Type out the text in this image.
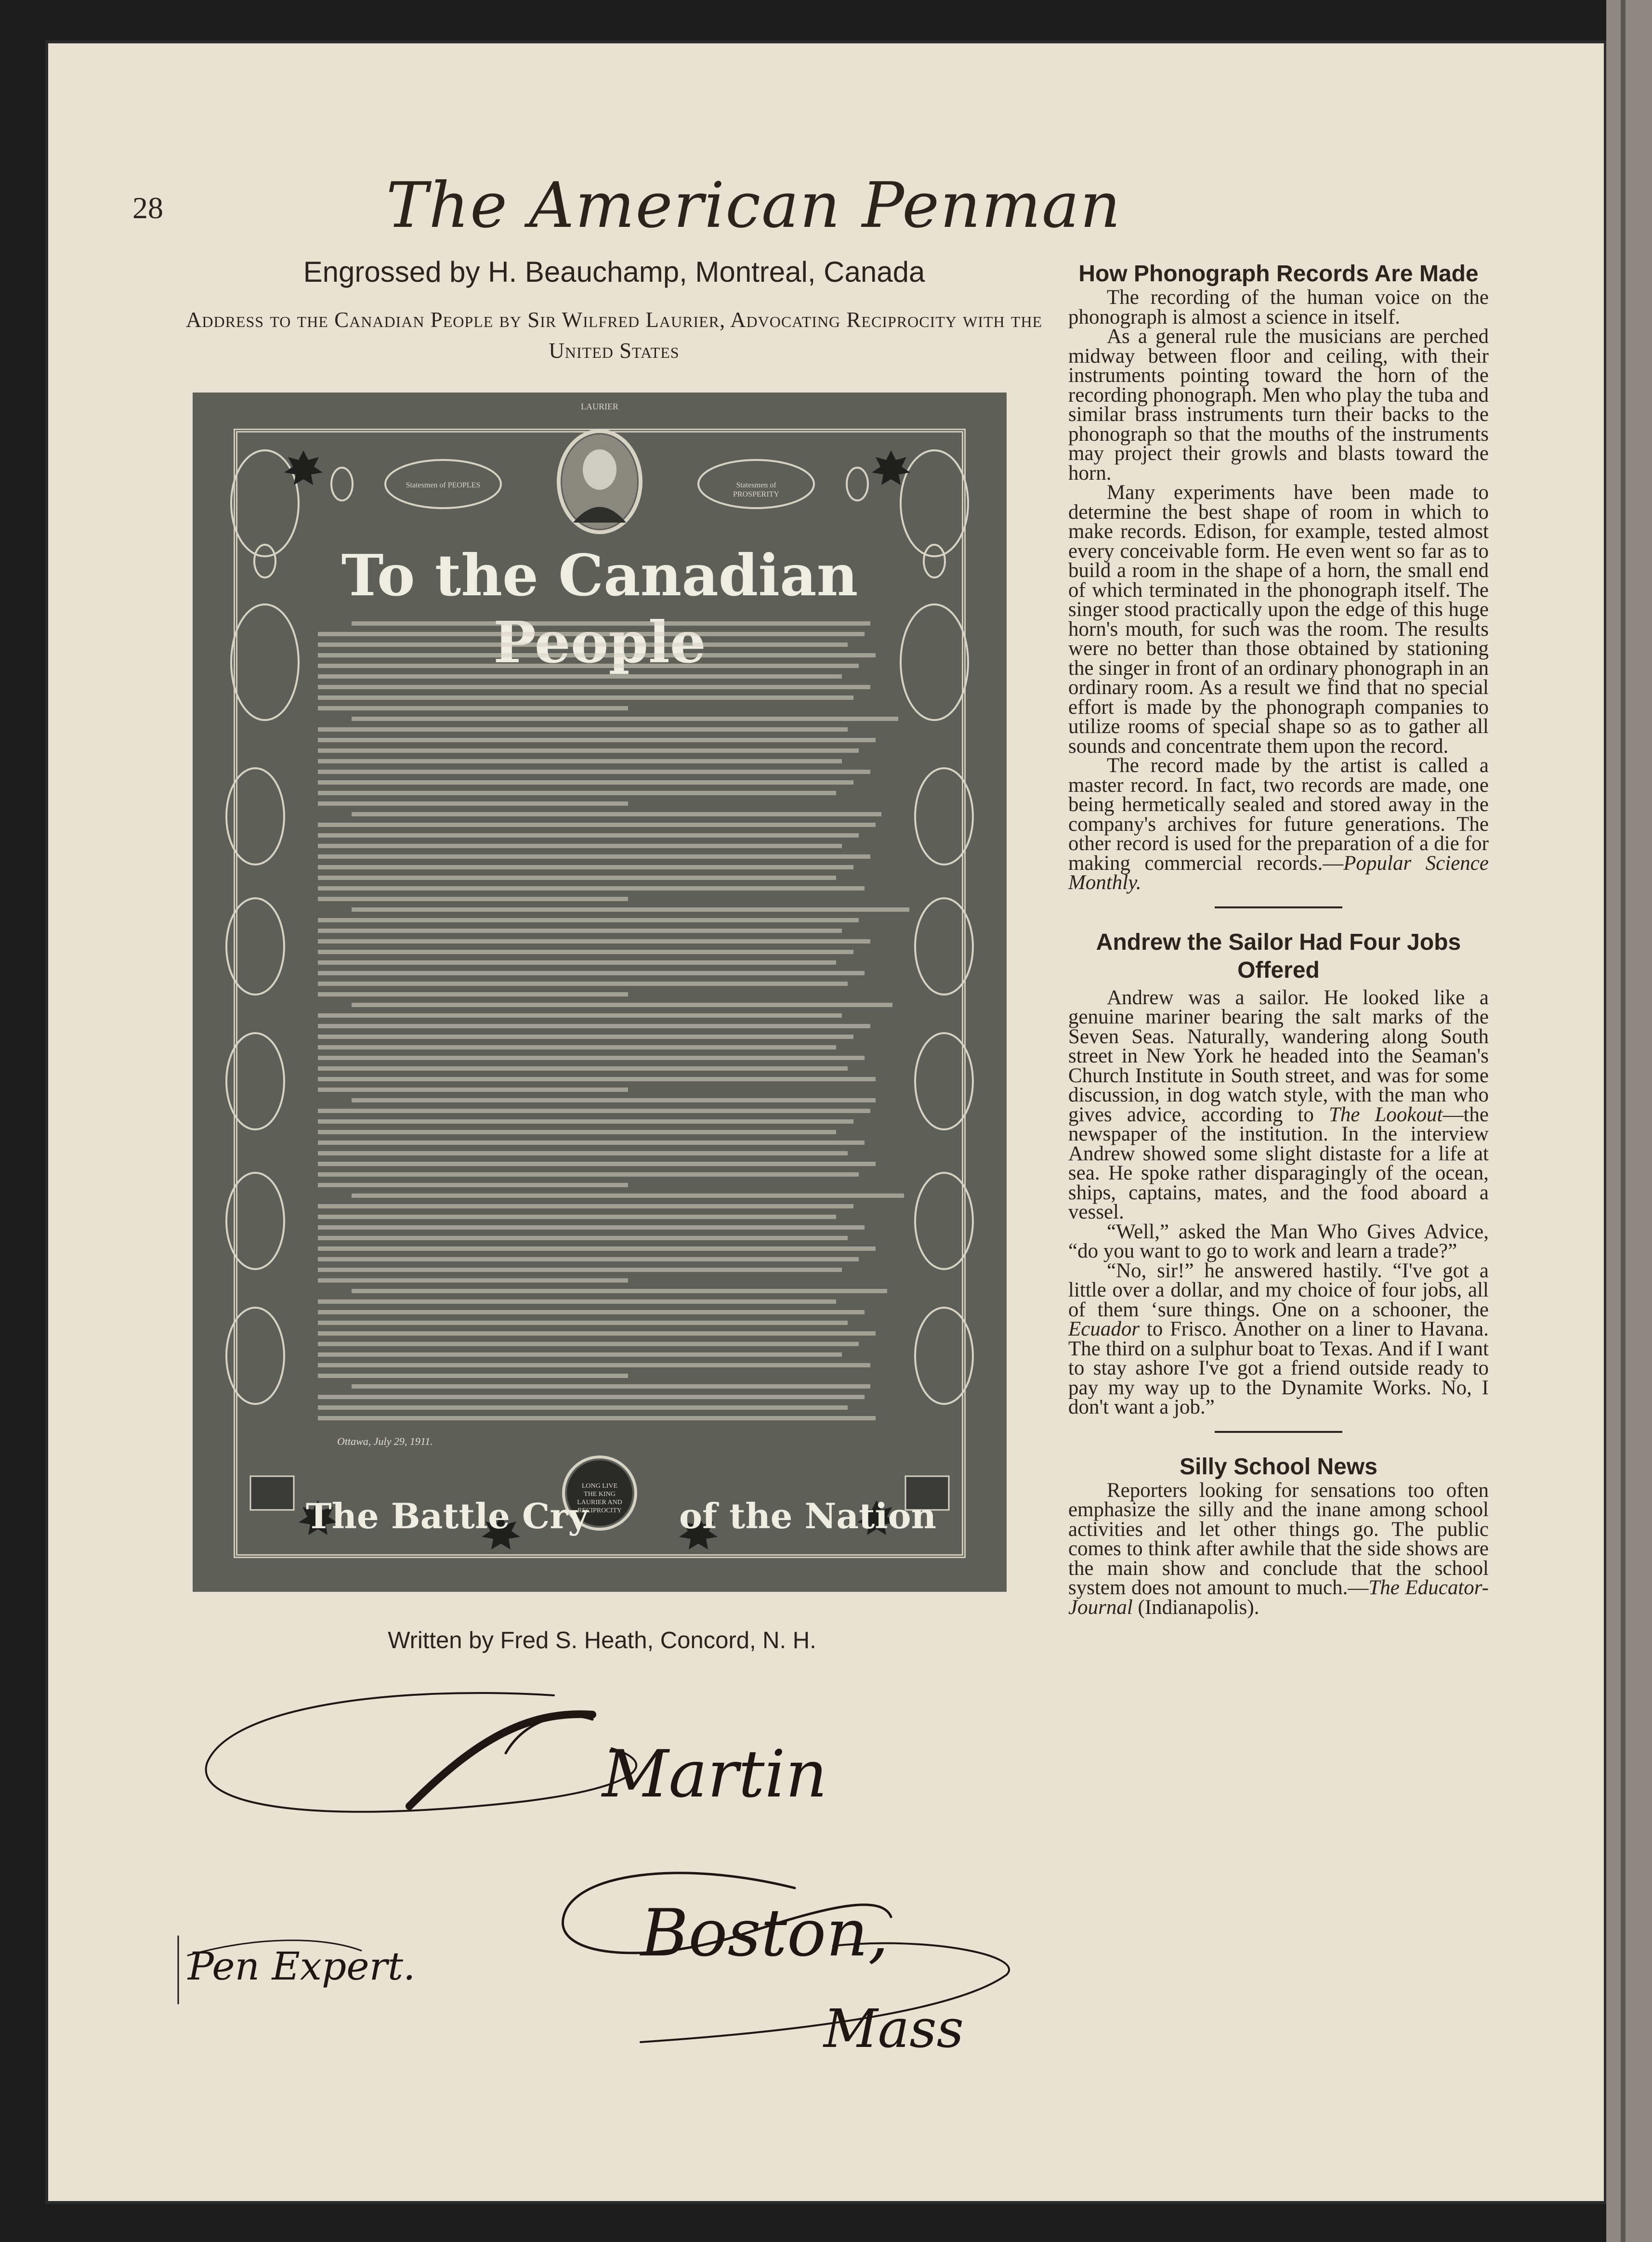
28	The American Penman
Engrossed by H. Beauchamp, Montreal, Canada
Address to the Canadian People by Sir Wilfred Laurier, Advocating Reciprocity with the United States
LAURIER
Statesmen of PEOPLES	Statesmen of PROSPERITY
To the Canadian
Ottawa, July 29, 1911.
The Battle Cry	of the Nation
LONG LIVE THE KING LAURIER AND RECIPROCITY
Written by Fred S. Heath, Concord, N. H.
Martin
Boston,
Mass
Pen Expert.
How Phonograph Records Are Made

The recording of the human voice on the phonograph is almost a science in itself.

As a general rule the musicians are perched midway between floor and ceiling, with their instruments pointing toward the horn of the recording phonograph. Men who play the tuba and similar brass instruments turn their backs to the phonograph so that the mouths of the instruments may project their growls and blasts toward the horn.

Many experiments have been made to determine the best shape of room in which to make records. Edison, for example, tested almost every conceivable form. He even went so far as to build a room in the shape of a horn, the small end of which terminated in the phonograph itself. The singer stood practically upon the edge of this huge horn's mouth, for such was the room. The results were no better than those obtained by stationing the singer in front of an ordinary phonograph in an ordinary room. As a result we find that no special effort is made by the phonograph companies to utilize rooms of special shape so as to gather all sounds and concentrate them upon the record.

The record made by the artist is called a master record. In fact, two records are made, one being hermetically sealed and stored away in the company's archives for future generations. The other record is used for the preparation of a die for making commercial records.—Popular Science Monthly.

Andrew the Sailor Had Four Jobs Offered

Andrew was a sailor. He looked like a genuine mariner bearing the salt marks of the Seven Seas. Naturally, wandering along South street in New York he headed into the Seaman's Church Institute in South street, and was for some discussion, in dog watch style, with the man who gives advice, according to The Lookout—the newspaper of the institution. In the interview Andrew showed some slight distaste for a life at sea. He spoke rather disparagingly of the ocean, ships, captains, mates, and the food aboard a vessel.

“Well,” asked the Man Who Gives Advice, “do you want to go to work and learn a trade?”

“No, sir!” he answered hastily. “I've got a little over a dollar, and my choice of four jobs, all of them ‘sure things. One on a schooner, the Ecuador to Frisco. Another on a liner to Havana. The third on a sulphur boat to Texas. And if I want to stay ashore I've got a friend outside ready to pay my way up to the Dynamite Works. No, I don't want a job.”

Silly School News

Reporters looking for sensations too often emphasize the silly and the inane among school activities and let other things go. The public comes to think after awhile that the side shows are the main show and conclude that the school system does not amount to much.—The Educator-Journal (Indianapolis).
